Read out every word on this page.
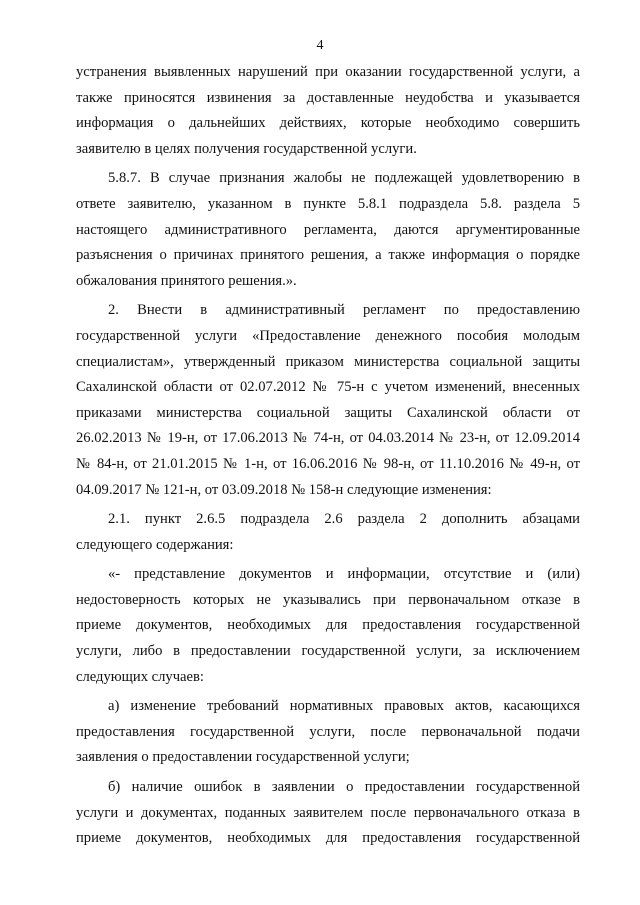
4

устранения выявленных нарушений при оказании государственной услуги, а
также приносятся извинения за доставленные неудобства и указывается
информация о дальнейших действиях, которые необходимо совершить
заявителю в целях получения государственной услуги.

5.8.7. В случае признания жалобы не подлежащей удовлетворению в
ответе заявителю, указанном в пункте 5.8.1 подраздела 5.8. раздела 5
настоящего административного регламента, даются аргументированные
разъяснения о причинах принятого решения, а также информация о порядке
обжалования принятого решения.».

2. Внести в административный регламент по предоставлению
государственной услуги «Предоставление денежного пособия молодым
специалистам», утвержденный приказом министерства социальной защиты
Сахалинской области от 02.07.2012 № 75-н с учетом изменений, внесенных
приказами министерства социальной защиты Сахалинской области от
26.02.2013 № 19-н, от 17.06.2013 № 74-н, от 04.03.2014 № 23-н, от 12.09.2014
№ 84-н, от 21.01.2015 № 1-н, от 16.06.2016 № 98-н, от 11.10.2016 № 49-н, от
04.09.2017 № 121-н, от 03.09.2018 № 158-н следующие изменения:

2.1. пункт 2.6.5 подраздела 2.6 раздела 2 дополнить абзацами
следующего содержания:

«- представление документов и информации, отсутствие и (или)
недостоверность которых не указывались при первоначальном отказе в
приеме документов, необходимых для предоставления государственной
услуги, либо в предоставлении государственной услуги, за исключением
следующих случаев:

а) изменение требований нормативных правовых актов, касающихся
предоставления государственной услуги, после первоначальной подачи
заявления о предоставлении государственной услуги;

б) наличие ошибок в заявлении о предоставлении государственной
услуги и документах, поданных заявителем после первоначального отказа в
приеме документов, необходимых для предоставления государственной
